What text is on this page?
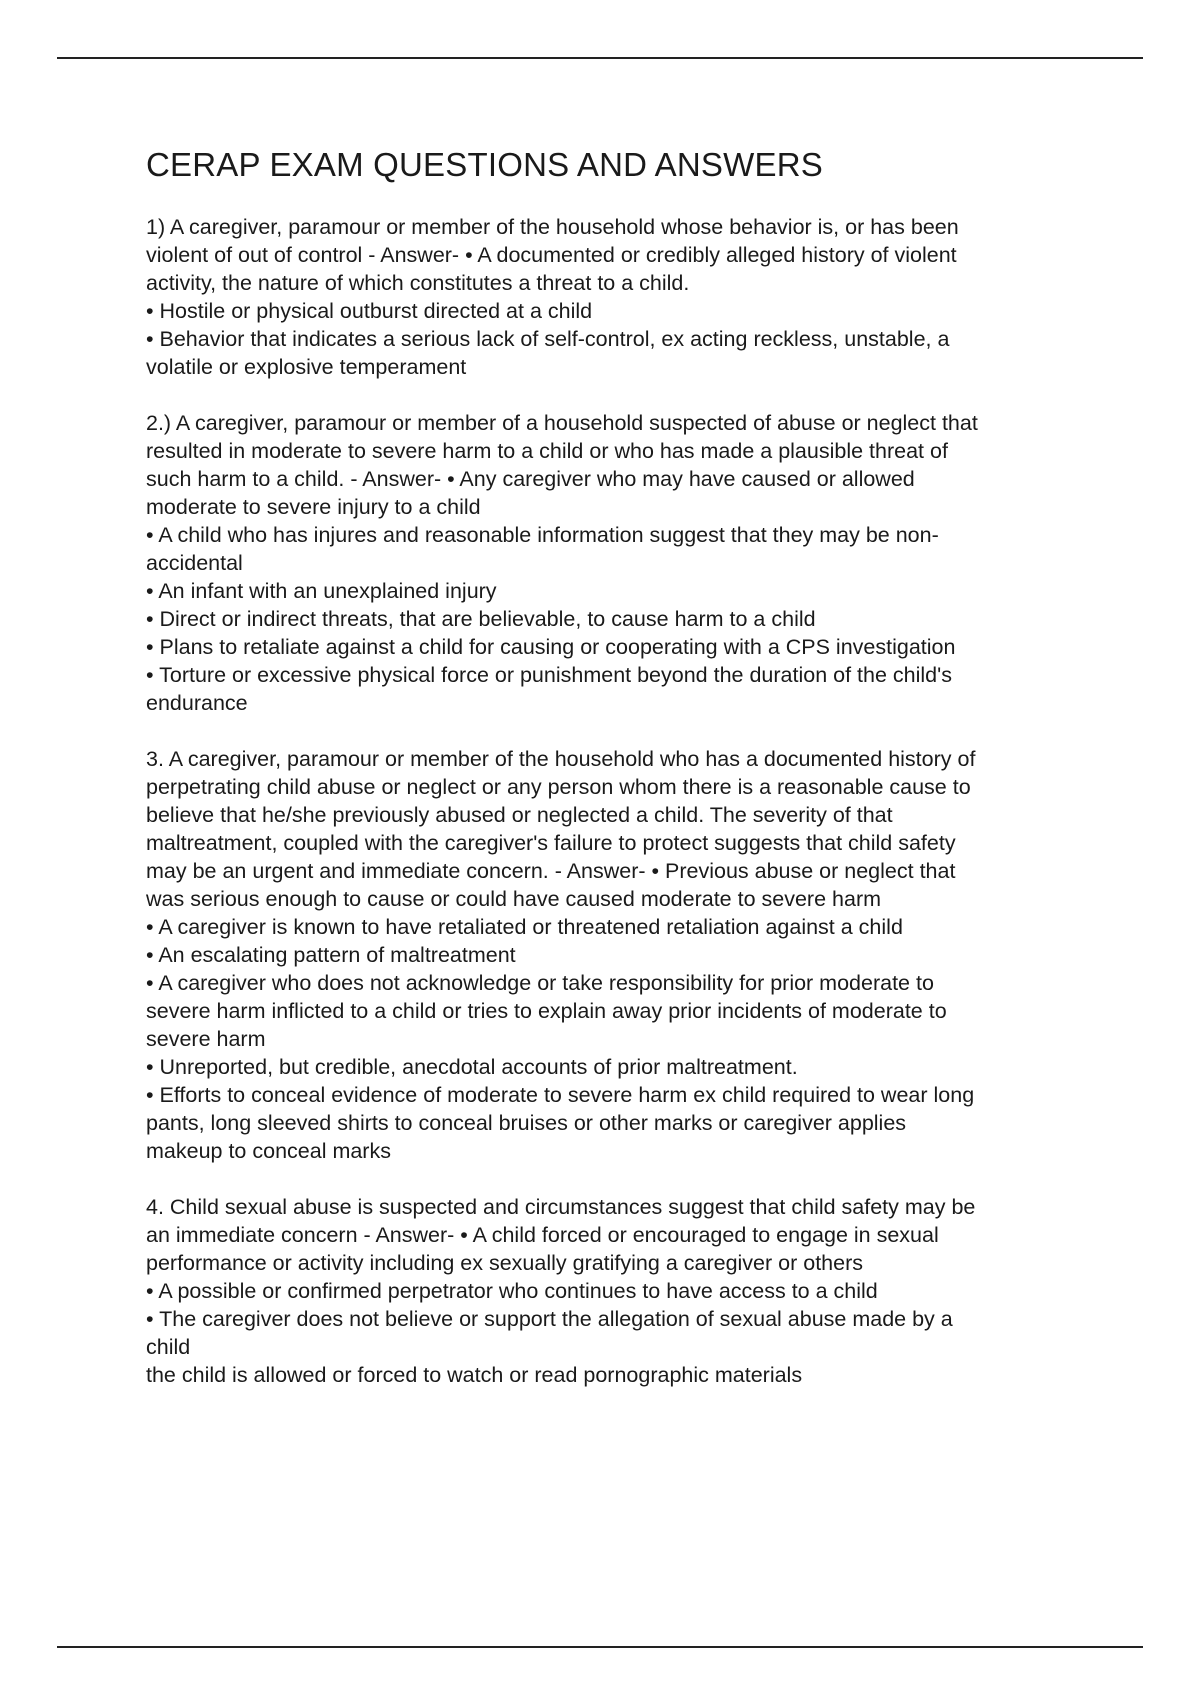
CERAP EXAM QUESTIONS AND ANSWERS
1) A caregiver, paramour or member of the household whose behavior is, or has been
violent of out of control - Answer- • A documented or credibly alleged history of violent
activity, the nature of which constitutes a threat to a child.
• Hostile or physical outburst directed at a child
• Behavior that indicates a serious lack of self-control, ex acting reckless, unstable, a
volatile or explosive temperament
2.) A caregiver, paramour or member of a household suspected of abuse or neglect that
resulted in moderate to severe harm to a child or who has made a plausible threat of
such harm to a child. - Answer- • Any caregiver who may have caused or allowed
moderate to severe injury to a child
• A child who has injures and reasonable information suggest that they may be non-
accidental
• An infant with an unexplained injury
• Direct or indirect threats, that are believable, to cause harm to a child
• Plans to retaliate against a child for causing or cooperating with a CPS investigation
• Torture or excessive physical force or punishment beyond the duration of the child's
endurance
3. A caregiver, paramour or member of the household who has a documented history of
perpetrating child abuse or neglect or any person whom there is a reasonable cause to
believe that he/she previously abused or neglected a child. The severity of that
maltreatment, coupled with the caregiver's failure to protect suggests that child safety
may be an urgent and immediate concern. - Answer- • Previous abuse or neglect that
was serious enough to cause or could have caused moderate to severe harm
• A caregiver is known to have retaliated or threatened retaliation against a child
• An escalating pattern of maltreatment
• A caregiver who does not acknowledge or take responsibility for prior moderate to
severe harm inflicted to a child or tries to explain away prior incidents of moderate to
severe harm
• Unreported, but credible, anecdotal accounts of prior maltreatment.
• Efforts to conceal evidence of moderate to severe harm ex child required to wear long
pants, long sleeved shirts to conceal bruises or other marks or caregiver applies
makeup to conceal marks
4. Child sexual abuse is suspected and circumstances suggest that child safety may be
an immediate concern - Answer- • A child forced or encouraged to engage in sexual
performance or activity including ex sexually gratifying a caregiver or others
• A possible or confirmed perpetrator who continues to have access to a child
• The caregiver does not believe or support the allegation of sexual abuse made by a
child
the child is allowed or forced to watch or read pornographic materials
